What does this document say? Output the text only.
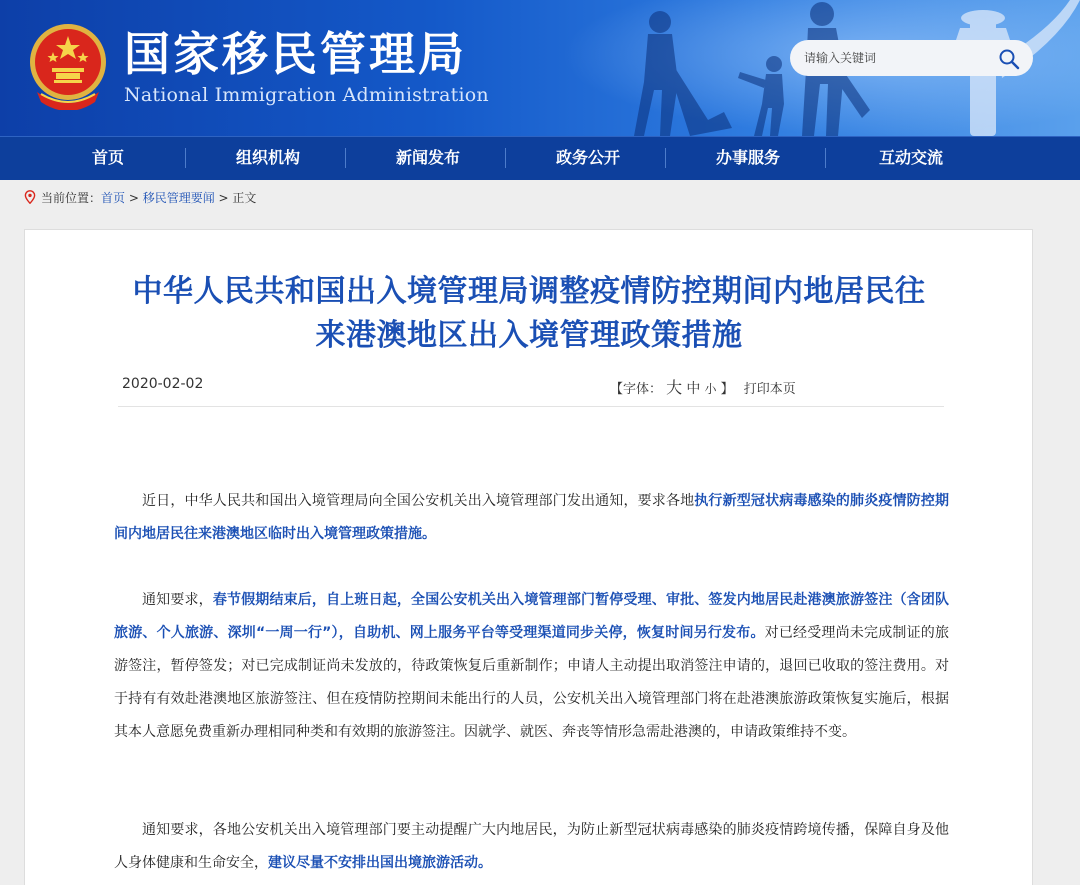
国家移民管理局
National Immigration Administration
请输入关键词
首页	组织机构	新闻发布	政务公开	办事服务	互动交流
当前位置：首页 > 移民管理要闻 > 正文
中华人民共和国出入境管理局调整疫情防控期间内地居民往
来港澳地区出入境管理政策措施
2020-02-02	【字体： 大 中 小 】 打印本页

近日，中华人民共和国出入境管理局向全国公安机关出入境管理部门发出通知，要求各地执行新型冠状病毒感染的肺炎疫情防控期间内地居民往来港澳地区临时出入境管理政策措施。

通知要求，春节假期结束后，自上班日起，全国公安机关出入境管理部门暂停受理、审批、签发内地居民赴港澳旅游签注（含团队旅游、个人旅游、深圳“一周一行”），自助机、网上服务平台等受理渠道同步关停，恢复时间另行发布。对已经受理尚未完成制证的旅游签注，暂停签发；对已完成制证尚未发放的，待政策恢复后重新制作；申请人主动提出取消签注申请的，退回已收取的签注费用。对于持有有效赴港澳地区旅游签注、但在疫情防控期间未能出行的人员，公安机关出入境管理部门将在赴港澳旅游政策恢复实施后，根据其本人意愿免费重新办理相同种类和有效期的旅游签注。因就学、就医、奔丧等情形急需赴港澳的，申请政策维持不变。

通知要求，各地公安机关出入境管理部门要主动提醒广大内地居民，为防止新型冠状病毒感染的肺炎疫情跨境传播，保障自身及他人身体健康和生命安全，建议尽量不安排出国出境旅游活动。
